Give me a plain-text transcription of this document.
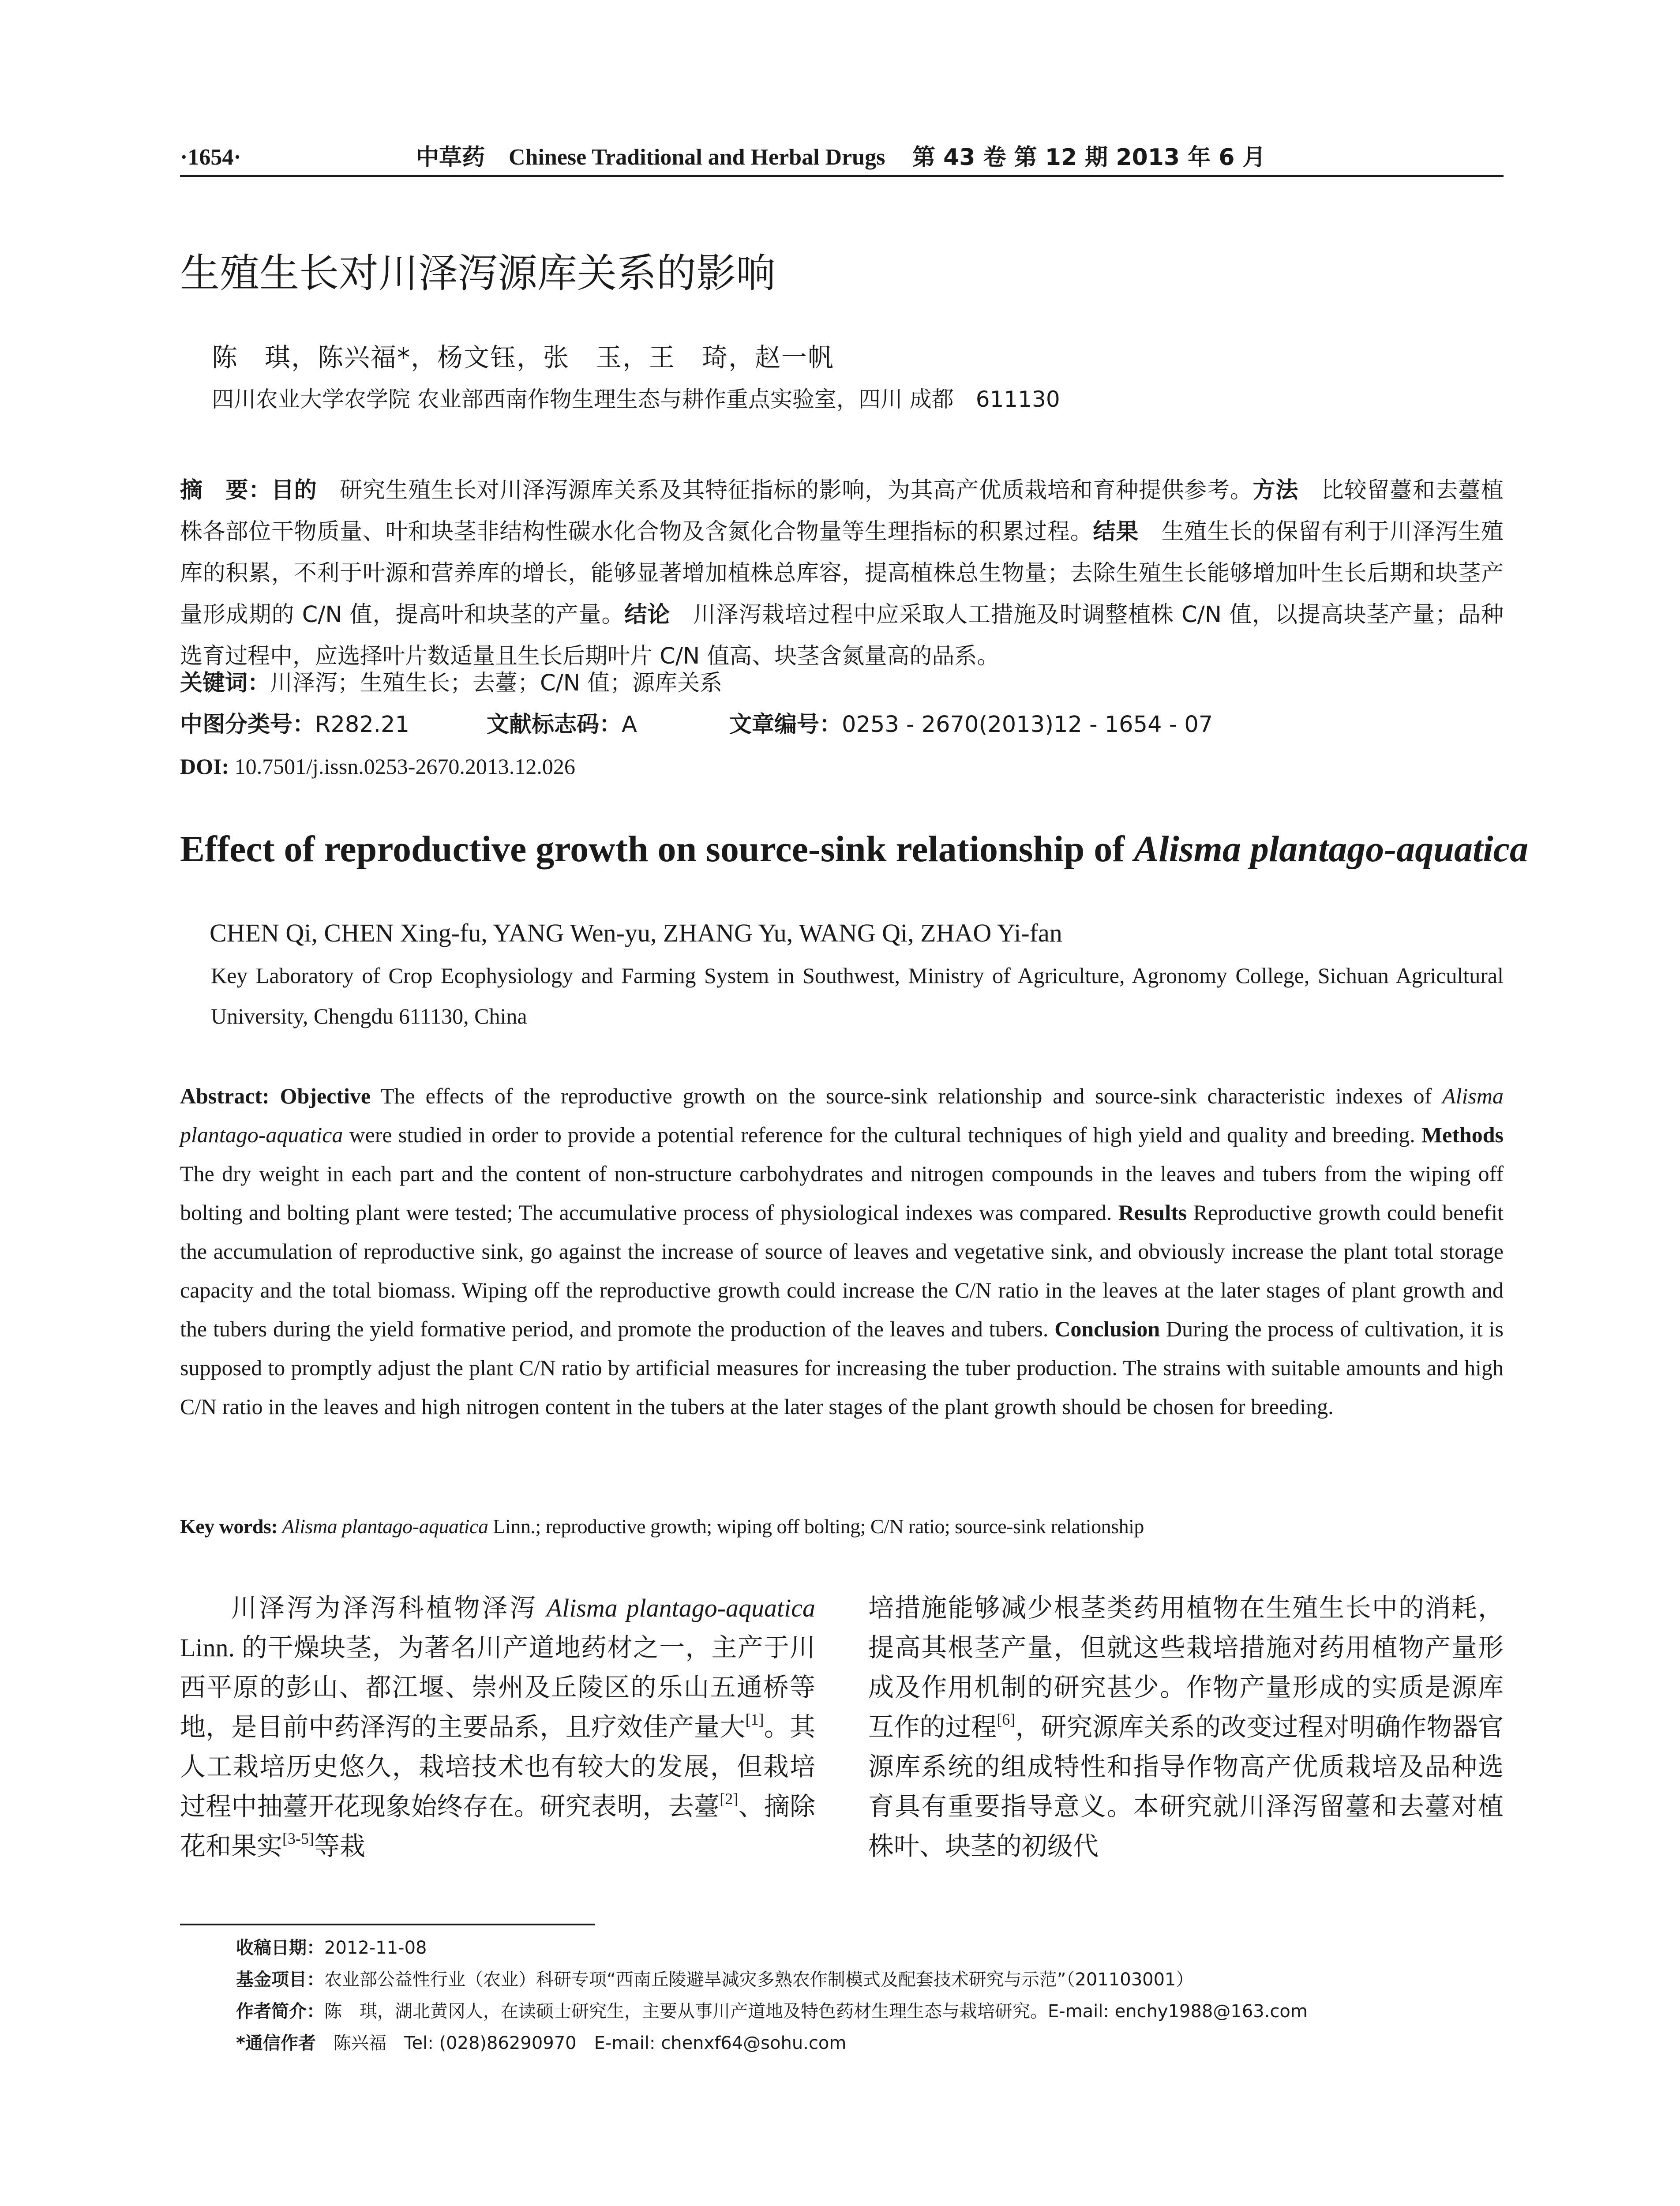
·1654·	中草药 Chinese Traditional and Herbal Drugs 第 43 卷 第 12 期 2013 年 6 月
生殖生长对川泽泻源库关系的影响
陈　琪，陈兴福*，杨文钰，张　玉，王　琦，赵一帆
四川农业大学农学院 农业部西南作物生理生态与耕作重点实验室，四川 成都　611130
摘　要：目的　研究生殖生长对川泽泻源库关系及其特征指标的影响，为其高产优质栽培和育种提供参考。方法　比较留薹和去薹植株各部位干物质量、叶和块茎非结构性碳水化合物及含氮化合物量等生理指标的积累过程。结果　生殖生长的保留有利于川泽泻生殖库的积累，不利于叶源和营养库的增长，能够显著增加植株总库容，提高植株总生物量；去除生殖生长能够增加叶生长后期和块茎产量形成期的 C/N 值，提高叶和块茎的产量。结论　川泽泻栽培过程中应采取人工措施及时调整植株 C/N 值，以提高块茎产量；品种选育过程中，应选择叶片数适量且生长后期叶片 C/N 值高、块茎含氮量高的品系。
关键词：川泽泻；生殖生长；去薹；C/N 值；源库关系
中图分类号： R282.21	文献标志码： A	文章编号： 0253 - 2670(2013)12 - 1654 - 07
DOI: 10.7501/j.issn.0253-2670.2013.12.026
Effect of reproductive growth on source-sink relationship of Alisma plantago-aquatica
CHEN Qi, CHEN Xing-fu, YANG Wen-yu, ZHANG Yu, WANG Qi, ZHAO Yi-fan
Key Laboratory of Crop Ecophysiology and Farming System in Southwest, Ministry of Agriculture, Agronomy College, Sichuan Agricultural University, Chengdu 611130, China
Abstract: Objective The effects of the reproductive growth on the source-sink relationship and source-sink characteristic indexes of Alisma plantago-aquatica were studied in order to provide a potential reference for the cultural techniques of high yield and quality and breeding. Methods The dry weight in each part and the content of non-structure carbohydrates and nitrogen compounds in the leaves and tubers from the wiping off bolting and bolting plant were tested; The accumulative process of physiological indexes was compared. Results Reproductive growth could benefit the accumulation of reproductive sink, go against the increase of source of leaves and vegetative sink, and obviously increase the plant total storage capacity and the total biomass. Wiping off the reproductive growth could increase the C/N ratio in the leaves at the later stages of plant growth and the tubers during the yield formative period, and promote the production of the leaves and tubers. Conclusion During the process of cultivation, it is supposed to promptly adjust the plant C/N ratio by artificial measures for increasing the tuber production. The strains with suitable amounts and high C/N ratio in the leaves and high nitrogen content in the tubers at the later stages of the plant growth should be chosen for breeding.
Key words: Alisma plantago-aquatica Linn.; reproductive growth; wiping off bolting; C/N ratio; source-sink relationship
川泽泻为泽泻科植物泽泻 Alisma plantago-aquatica Linn. 的干燥块茎，为著名川产道地药材之一，主产于川西平原的彭山、都江堰、崇州及丘陵区的乐山五通桥等地，是目前中药泽泻的主要品系，且疗效佳产量大[1]。其人工栽培历史悠久，栽培技术也有较大的发展，但栽培过程中抽薹开花现象始终存在。研究表明，去薹[2]、摘除花和果实[3-5]等栽
培措施能够减少根茎类药用植物在生殖生长中的消耗，提高其根茎产量，但就这些栽培措施对药用植物产量形成及作用机制的研究甚少。作物产量形成的实质是源库互作的过程[6]，研究源库关系的改变过程对明确作物器官源库系统的组成特性和指导作物高产优质栽培及品种选育具有重要指导意义。本研究就川泽泻留薹和去薹对植株叶、块茎的初级代
收稿日期：2012-11-08
基金项目：农业部公益性行业（农业）科研专项“西南丘陵避旱减灾多熟农作制模式及配套技术研究与示范”（201103001）
作者简介：陈　琪，湖北黄冈人，在读硕士研究生，主要从事川产道地及特色药材生理生态与栽培研究。E-mail: enchy1988@163.com
*通信作者　陈兴福　Tel: (028)86290970　E-mail: chenxf64@sohu.com
